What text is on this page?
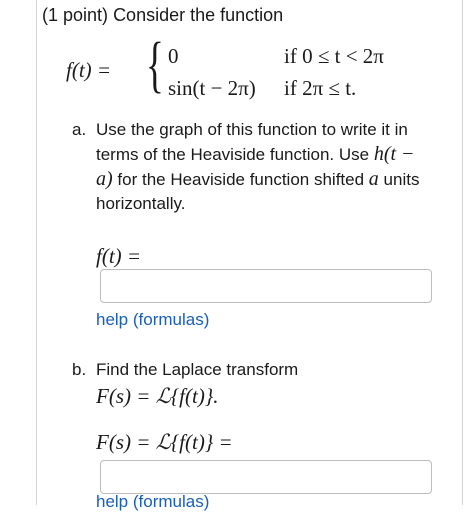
(1 point) Consider the function
f(t) = { 0	if 0 ≤ t < 2π
sin(t − 2π) if 2π ≤ t.
a. Use the graph of this function to write it in terms of the Heaviside function. Use h(t − a) for the Heaviside function shifted a units horizontally.
f(t) =
help (formulas)
b. Find the Laplace transform
F(s) = ℒ{f(t)}.
F(s) = ℒ{f(t)} =
help (formulas)
